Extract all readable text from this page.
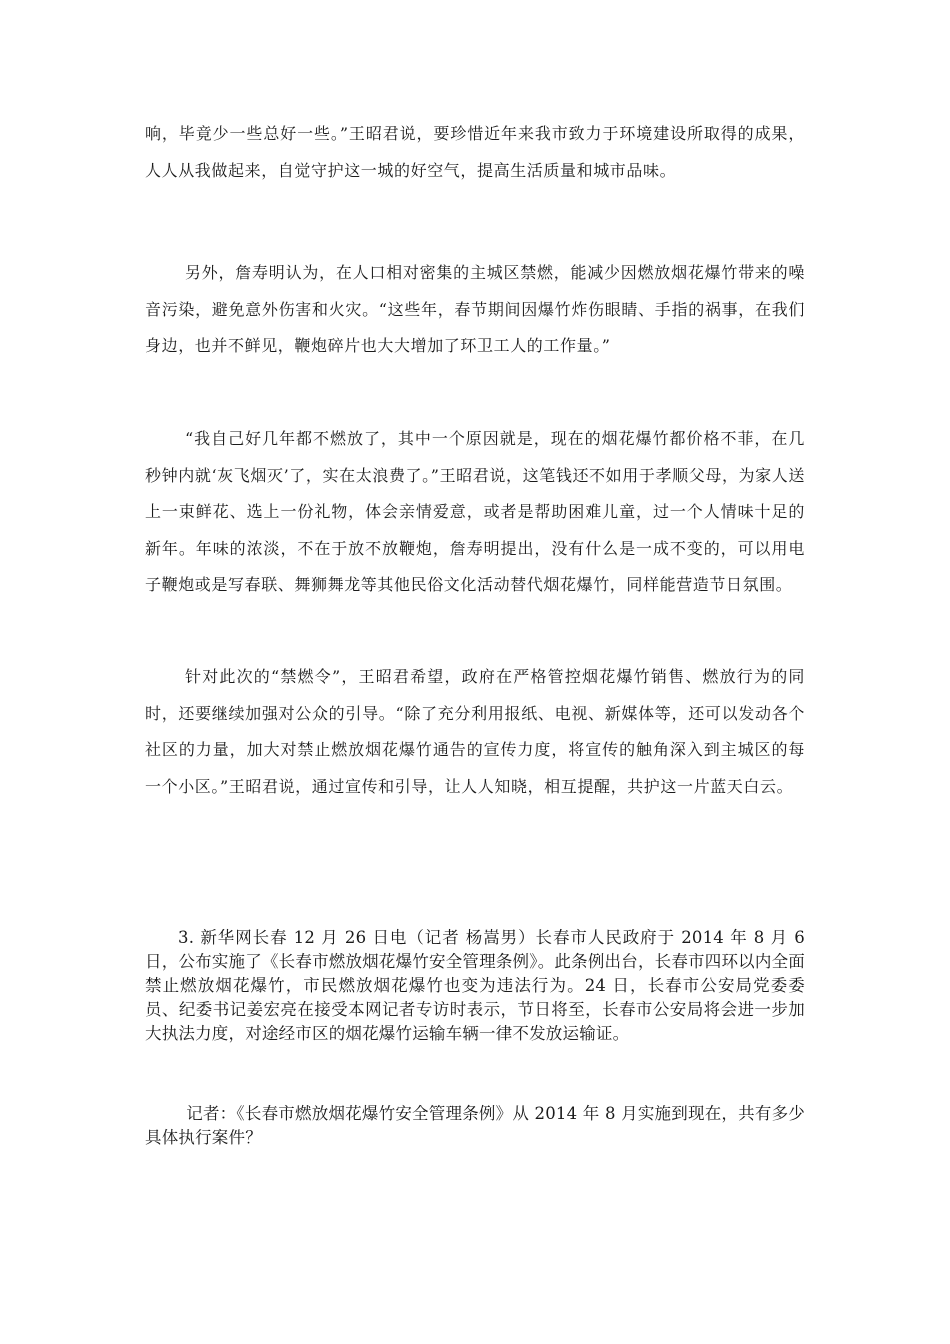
响，毕竟少一些总好一些。”王昭君说，要珍惜近年来我市致力于环境建设所取得的成果，人人从我做起来，自觉守护这一城的好空气，提高生活质量和城市品味。

另外，詹寿明认为，在人口相对密集的主城区禁燃，能减少因燃放烟花爆竹带来的噪音污染，避免意外伤害和火灾。“这些年，春节期间因爆竹炸伤眼睛、手指的祸事，在我们身边，也并不鲜见，鞭炮碎片也大大增加了环卫工人的工作量。”

“我自己好几年都不燃放了，其中一个原因就是，现在的烟花爆竹都价格不菲，在几秒钟内就‘灰飞烟灭’了，实在太浪费了。”王昭君说，这笔钱还不如用于孝顺父母，为家人送上一束鲜花、选上一份礼物，体会亲情爱意，或者是帮助困难儿童，过一个人情味十足的新年。年味的浓淡，不在于放不放鞭炮，詹寿明提出，没有什么是一成不变的，可以用电子鞭炮或是写春联、舞狮舞龙等其他民俗文化活动替代烟花爆竹，同样能营造节日氛围。

针对此次的“禁燃令”，王昭君希望，政府在严格管控烟花爆竹销售、燃放行为的同时，还要继续加强对公众的引导。“除了充分利用报纸、电视、新媒体等，还可以发动各个社区的力量，加大对禁止燃放烟花爆竹通告的宣传力度，将宣传的触角深入到主城区的每一个小区。”王昭君说，通过宣传和引导，让人人知晓，相互提醒，共护这一片蓝天白云。

3. 新华网长春 12 月 26 日电（记者 杨嵩男）长春市人民政府于 2014 年 8 月 6 日，公布实施了《长春市燃放烟花爆竹安全管理条例》。此条例出台，长春市四环以内全面禁止燃放烟花爆竹，市民燃放烟花爆竹也变为违法行为。24 日，长春市公安局党委委员、纪委书记姜宏亮在接受本网记者专访时表示，节日将至，长春市公安局将会进一步加大执法力度，对途经市区的烟花爆竹运输车辆一律不发放运输证。

记者：《长春市燃放烟花爆竹安全管理条例》从 2014 年 8 月实施到现在，共有多少具体执行案件？
